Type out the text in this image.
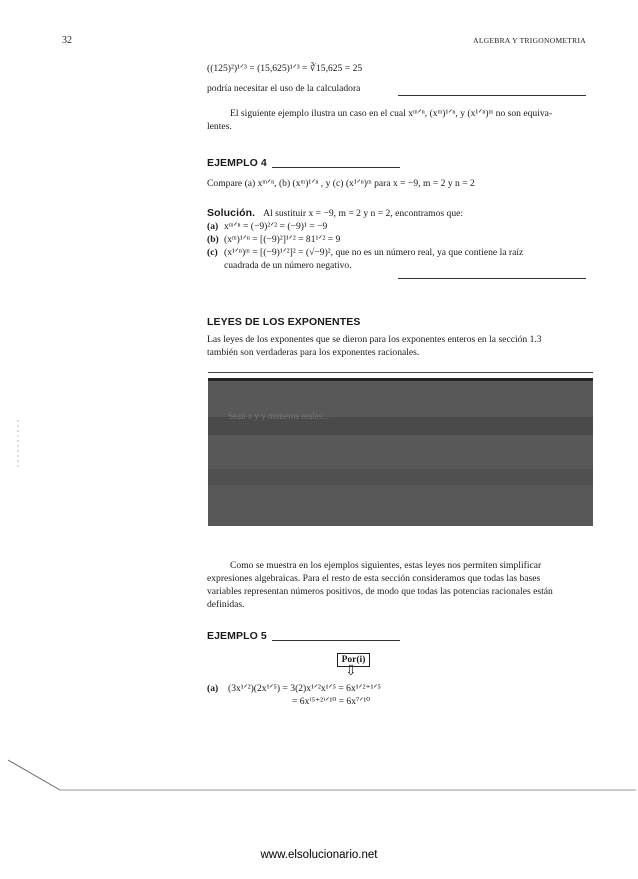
32	ALGEBRA Y TRIGONOMETRIA
((125)²)¹ᐟ³ = (15,625)¹ᐟ³ = ∛15,625 = 25
podría necesitar el uso de la calculadora
El siguiente ejemplo ilustra un caso en el cual xᵐᐟⁿ, (xᵐ)¹ᐟⁿ, y (x¹ᐟⁿ)ᵐ no son equiva-
lentes.
EJEMPLO 4
Compare (a) xᵐᐟⁿ, (b) (xᵐ)¹ᐟⁿ , y (c) (x¹ᐟⁿ)ᵐ para x = −9, m = 2 y n = 2
Solución. Al sustituir x = −9, m = 2 y n = 2, encontramos que:
(a) xᵐᐟⁿ = (−9)²ᐟ² = (−9)¹ = −9
(b) (xᵐ)¹ᐟⁿ = [(−9)²]¹ᐟ² = 81¹ᐟ² = 9
(c) (x¹ᐟⁿ)ᵐ = [(−9)¹ᐟ²]² = (√−9)², que no es un número real, ya que contiene la raíz
cuadrada de un número negativo.
LEYES DE LOS EXPONENTES
Las leyes de los exponentes que se dieron para los exponentes enteros en la sección 1.3
también son verdaderas para los exponentes racionales.
Sean x y y números reales...
Como se muestra en los ejemplos siguientes, estas leyes nos permiten simplificar
expresiones algebraicas. Para el resto de esta sección consideramos que todas las bases
variables representan números positivos, de modo que todas las potencias racionales están
definidas.
EJEMPLO 5
Por(i)
⇩
(a) (3x¹ᐟ²)(2x¹ᐟ⁵) = 3(2)x¹ᐟ²x¹ᐟ⁵ = 6x¹ᐟ²⁺¹ᐟ⁵
= 6x⁽⁵⁺²⁾ᐟ¹⁰ = 6x⁷ᐟ¹⁰
www.elsolucionario.net
